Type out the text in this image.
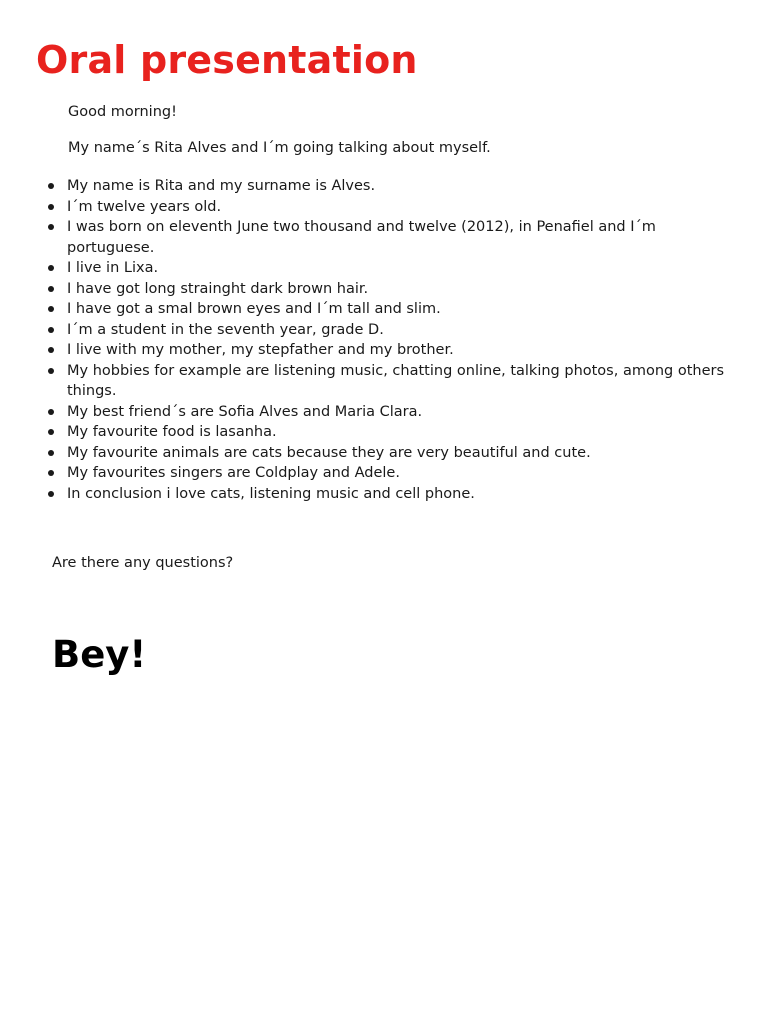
Oral presentation

Good morning!

My name´s Rita Alves and I´m going talking about myself.

My name is Rita and my surname is Alves.
I´m twelve years old.
I was born on eleventh June two thousand and twelve (2012), in Penafiel and I´m portuguese.
I live in Lixa.
I have got long strainght dark brown hair.
I have got a smal brown eyes and I´m tall and slim.
I´m a student in the seventh year, grade D.
I live with my mother, my stepfather and my brother.
My hobbies for example are listening music, chatting online, talking photos, among others things.
My best friend´s are Sofia Alves and Maria Clara.
My favourite food is lasanha.
My favourite animals are cats because they are very beautiful and cute.
My favourites singers are Coldplay and Adele.
In conclusion i love cats, listening music and cell phone.

Are there any questions?

Bey!
